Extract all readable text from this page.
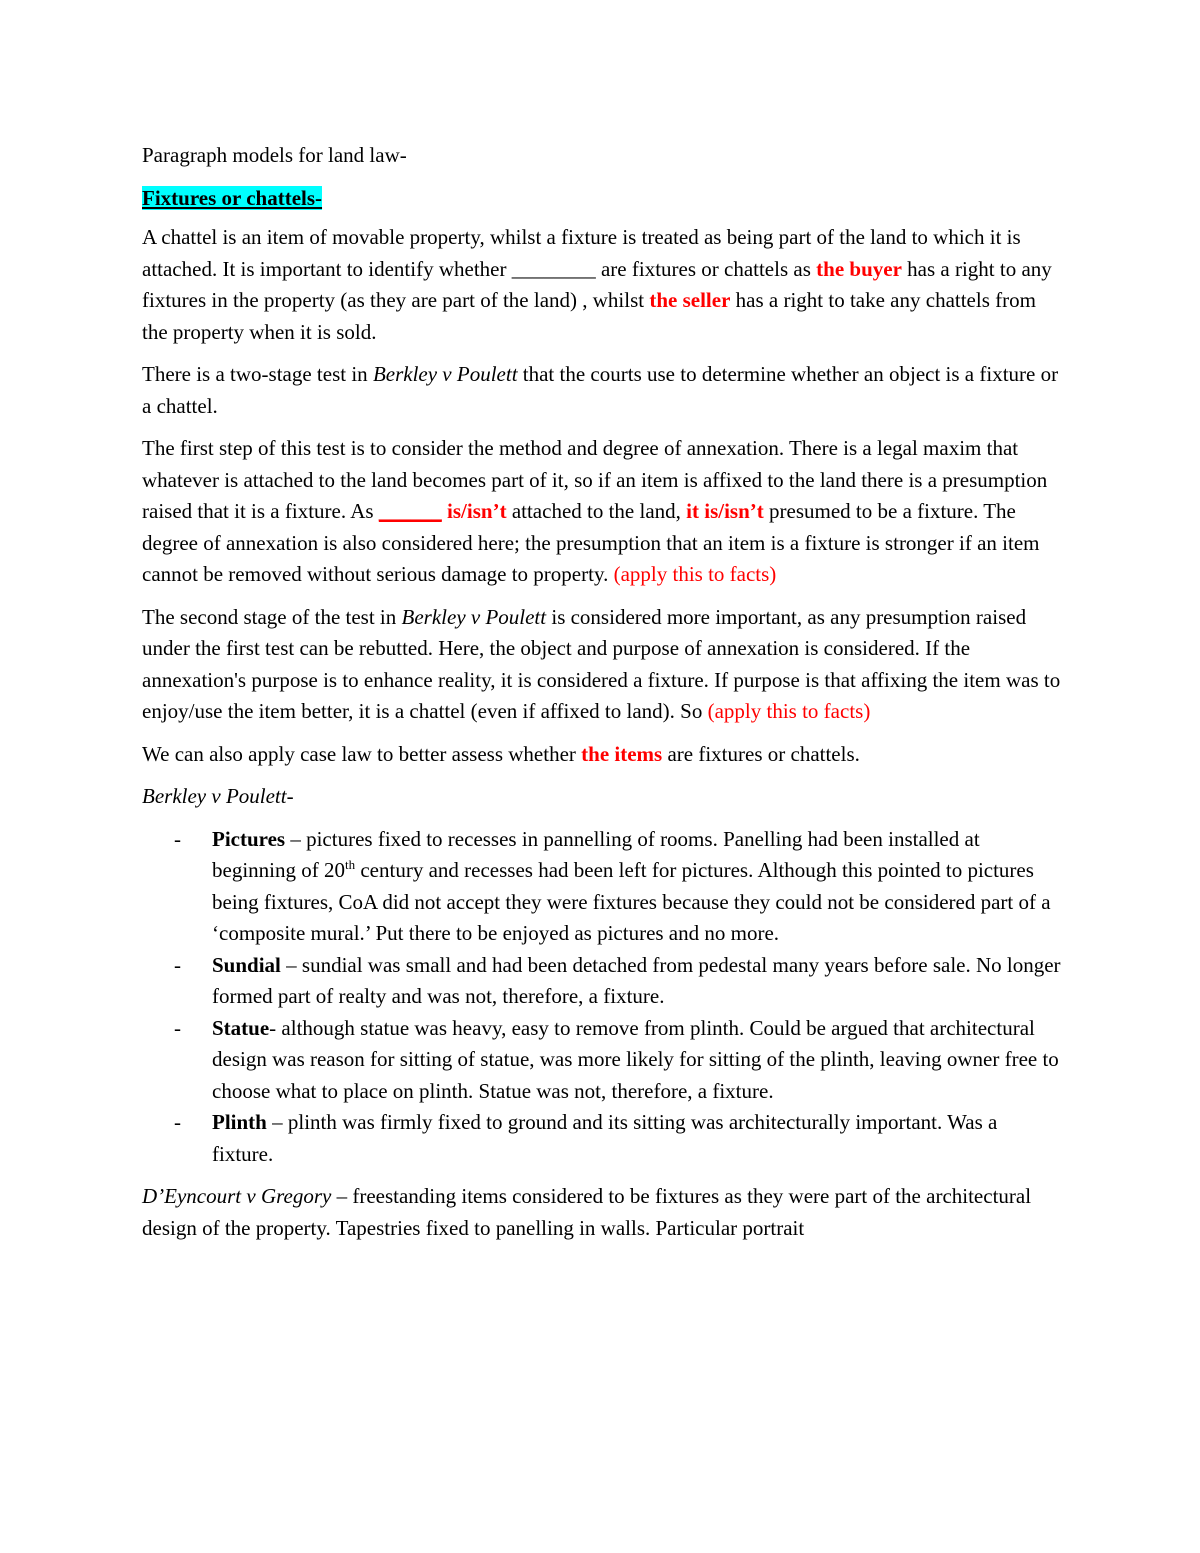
Paragraph models for land law-

Fixtures or chattels-

A chattel is an item of movable property, whilst a fixture is treated as being part of the land to which it is attached. It is important to identify whether ________ are fixtures or chattels as the buyer has a right to any fixtures in the property (as they are part of the land) , whilst the seller has a right to take any chattels from the property when it is sold.

There is a two-stage test in Berkley v Poulett that the courts use to determine whether an object is a fixture or a chattel.

The first step of this test is to consider the method and degree of annexation. There is a legal maxim that whatever is attached to the land becomes part of it, so if an item is affixed to the land there is a presumption raised that it is a fixture. As ______ is/isn’t attached to the land, it is/isn’t presumed to be a fixture. The degree of annexation is also considered here; the presumption that an item is a fixture is stronger if an item cannot be removed without serious damage to property. (apply this to facts)

The second stage of the test in Berkley v Poulett is considered more important, as any presumption raised under the first test can be rebutted. Here, the object and purpose of annexation is considered. If the annexation's purpose is to enhance reality, it is considered a fixture. If purpose is that affixing the item was to enjoy/use the item better, it is a chattel (even if affixed to land). So (apply this to facts)

We can also apply case law to better assess whether the items are fixtures or chattels.

Berkley v Poulett-

- Pictures – pictures fixed to recesses in pannelling of rooms. Panelling had been installed at beginning of 20th century and recesses had been left for pictures. Although this pointed to pictures being fixtures, CoA did not accept they were fixtures because they could not be considered part of a ‘composite mural.’ Put there to be enjoyed as pictures and no more.
- Sundial – sundial was small and had been detached from pedestal many years before sale. No longer formed part of realty and was not, therefore, a fixture.
- Statue- although statue was heavy, easy to remove from plinth. Could be argued that architectural design was reason for sitting of statue, was more likely for sitting of the plinth, leaving owner free to choose what to place on plinth. Statue was not, therefore, a fixture.
- Plinth – plinth was firmly fixed to ground and its sitting was architecturally important. Was a fixture.

D’Eyncourt v Gregory – freestanding items considered to be fixtures as they were part of the architectural design of the property. Tapestries fixed to panelling in walls. Particular portrait
